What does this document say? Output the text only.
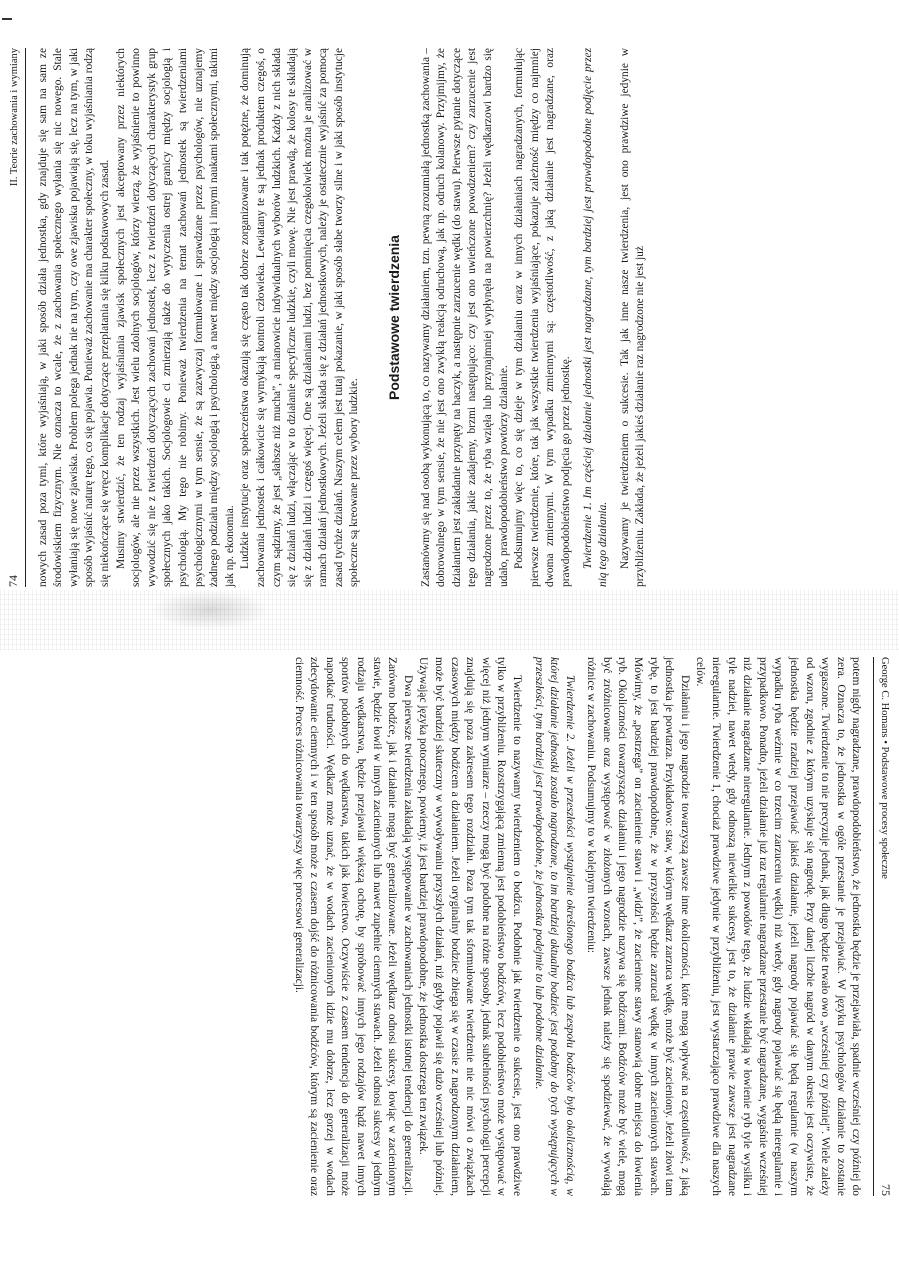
74
II. Teorie zachowania i wymiany nowych zasad poza tymi, które wyjaśniają, w jaki sposób działa jednostka, gdy znajduje się sam na sam ze środowiskiem fizycznym. Nie oznacza to wcale, że z zachowania społecznego wyłania się nic nowego. Stale wyłaniają się nowe zjawiska. Problem polega jednak nie na tym, czy owe zjawiska pojawiają się, lecz na tym, w jaki sposób wyjaśnić naturę tego, co się pojawia. Ponieważ zachowanie ma charakter społeczny, w toku wyjaśniania rodzą się niekończące się wręcz komplikacje dotyczące przeplatania się kilku podstawowych zasad. Musimy stwierdzić, że ten rodzaj wyjaśniania zjawisk społecznych jest akceptowany przez niektórych socjologów, ale nie przez wszystkich. Jest wielu zdolnych socjologów, którzy wierzą, że wyjaśnienie to powinno wywodzić się nie z twierdzeń dotyczących zachowań jednostek, lecz z twierdzeń dotyczących charakterystyk grup społecznych jako takich. Socjologowie ci zmierzają także do wytyczenia ostrej granicy między socjologią i psychologią. My tego nie robimy. Ponieważ twierdzenia na temat zachowań jednostek są twierdzeniami psychologicznymi w tym sensie, że są zazwyczaj formułowane i sprawdzane przez psychologów, nie uznajemy żadnego podziału między socjologią i psychologią, a nawet między socjologią i innymi naukami społecznymi, takimi jak np. ekonomia. Ludzkie instytucje oraz społeczeństwa okazują się często tak dobrze zorganizowane i tak potężne, że dominują zachowania jednostek i całkowicie się wymykają kontroli człowieka. Lewiatany te są jednak produktem czegoś, o czym sądzimy, że jest „słabsze niż mucha”, a mianowicie indywidualnych wyborów ludzkich. Każdy z nich składa się z działań ludzi, włączając w to działanie specyficzne ludzkie, czyli mowę. Nie jest prawdą, że kolosy te składają się z działań ludzi i czegoś więcej. One są działaniami ludzi, bez pominięcia czegokolwiek można je analizować w ramach działań jednostkowych. Jeżeli składa się z działań jednostkowych, należy je ostatecznie wyjaśnić za pomocą zasad tychże działań. Naszym celem jest tutaj pokazanie, w jaki sposób słabe tworzy silne i w jaki sposób instytucje społeczne są kreowane przez wybory ludzkie.

Podstawowe twierdzenia Zastanówmy się nad osobą wykonującą to, co nazywamy działaniem, tzn. pewną zrozumiałą jednostką zachowania – dobrowolnego w tym sensie, że nie jest ono zwykłą reakcją odruchową, jak np. odruch kolanowy. Przyjmijmy, że działaniem jest zakładanie przynęty na haczyk, a następnie zarzucenie wędki (do stawu). Pierwsze pytanie dotyczące tego działania, jakie zadajemy, brzmi następująco: czy jest ono uwieńczone powodzeniem? czy zarzucenie jest nagrodzone przez to, że ryba wzięła lub przynajmniej wypłynęła na powierzchnię? Jeżeli wędkarzowi bardzo się udało, prawdopodobieństwo powtórzy działanie. Podsumujmy więc to, co się dzieje w tym działaniu oraz w innych działaniach nagradzanych, formułując pierwsze twierdzenie, które, tak jak wszystkie twierdzenia wyjaśniające, pokazuje zależność między co najmniej dwoma zmiennymi. W tym wypadku zmiennymi są: częstotliwość, z jaką działanie jest nagradzane, oraz prawdopodobieństwo podjęcia go przez jednostkę. Twierdzenie 1. Im częściej działanie jednostki jest nagradzane, tym bardziej jest prawdopodobne podjęcie przez nią tego działania. Nazywamy je twierdzeniem o sukcesie. Tak jak inne nasze twierdzenia, jest ono prawdziwe jedynie w przybliżeniu. Zakłada, że jeżeli jakieś działanie raz nagrodzone nie jest już

George C. Homans • Podstawowe procesy społeczne
75

potem nigdy nagradzane, prawdopodobieństwo, że jednostka będzie je przejawiała, spadnie wcześniej czy później do zera. Oznacza to, że jednostka w ogóle przestanie je przejawiać. W języku psychologów działanie to zostanie wygaszone. Twierdzenie to nie precyzuje jednak, jak długo będzie trwało owo „wcześniej czy później”. Wiele zależy od wzoru, zgodnie z którym uzyskuje się nagrodę. Przy danej liczbie nagród w danym okresie jest oczywiste, że jednostka będzie rzadziej przejawiać jakieś działanie, jeżeli nagrody pojawiać się będą regularnie (w naszym wypadku ryba weźmie w co trzecim zarzuceniu wędki) niż wtedy, gdy nagrody pojawiać się będą nieregularnie i przypadkowo. Ponadto, jeżeli działanie już raz regularnie nagradzane przestanie być nagradzane, wygaśnie wcześniej niż działanie nagradzane nieregularnie. Jednym z powodów tego, że ludzie wkładają w łowienie ryb tyle wysiłku i tyle nadziei, nawet wtedy, gdy odnoszą niewielkie sukcesy, jest to, że działanie prawie zawsze jest nagradzane nieregularnie. Twierdzenie 1, chociaż prawdziwe jedynie w przybliżeniu, jest wystarczająco prawdziwe dla naszych celów.

Działaniu i jego nagrodzie towarzyszą zawsze inne okoliczności, które mogą wpływać na częstotliwość, z jaką jednostka je powtarza. Przykładowo: staw, w którym wędkarz zarzuca wędkę, może być zacieniony. Jeżeli złowi tam rybę, to jest bardziej prawdopodobne, że w przyszłości będzie zarzucał wędkę w innych zacienionych stawach. Mówimy, że „postrzega” on zacienienie stawu i „widzi”, że zacienione stawy stanowią dobre miejsca do łowienia ryb. Okoliczności towarzyszące działaniu i jego nagrodzie nazywa się bodźcami. Bodźców może być wiele, mogą być zróżnicowane oraz występować w złożonych wzorach, zawsze jednak należy się spodziewać, że wywołają różnice w zachowaniu. Podsumujmy to w kolejnym twierdzeniu:

Twierdzenie 2. Jeżeli w przeszłości wystąpienie określonego bodźca lub zespołu bodźców było okolicznością, w której działanie jednostki zostało nagrodzone, to im bardziej aktualny bodziec jest podobny do tych występujących w przeszłości, tym bardziej jest prawdopodobne, że jednostka podejmie to lub podobne działanie.

Twierdzenie to nazywamy twierdzeniem o bodźcu. Podobnie jak twierdzenie o sukcesie, jest ono prawdziwe tylko w przybliżeniu. Rozstrzygającą zmienną jest podobieństwo bodźców, lecz podobieństwo może występować w więcej niż jednym wymiarze – rzeczy mogą być podobne na różne sposoby, jednak subtelności psychologii percepcji znajdują się poza zakresem tego rozdziału. Poza tym tak sformułowane twierdzenie nie nic mówi o związkach czasowych między bodźcem a działaniem. Jeżeli oryginalny bodziec zbiega się w czasie z nagrodzonym działaniem, może być bardziej skuteczny w wywoływaniu przyszłych działań, niż gdyby pojawił się dużo wcześniej lub później. Używając języka potocznego, powiemy, iż jest bardziej prawdopodobne, że jednostka dostrzega ten związek.

Dwa pierwsze twierdzenia zakładają występowanie w zachowaniach jednostki istotnej tendencji do generalizacji. Zarówno bodźce, jak i działanie mogą być generalizowane. Jeżeli wędkarz odnosi sukcesy, łowiąc w zacienionym stawie, będzie łowił w innych zacienionych lub nawet zupełnie ciemnych stawach. Jeżeli odnosi sukcesy w jednym rodzaju wędkarstwa, będzie przejawiał większą ochotę, by spróbować innych jego rodzajów bądź nawet innych sportów podobnych do wędkarstwa, takich jak łowiectwo. Oczywiście z czasem tendencja do generalizacji może napotkać trudności. Wędkarz może uznać, że w wodach zacienionych idzie mu dobrze, lecz gorzej w wodach zdecydowanie ciemnych i w ten sposób może z czasem dojść do różnicowania bodźców, którym są zacienienie oraz ciemność. Proces różnicowania towarzyszy więc procesowi generalizacji.
